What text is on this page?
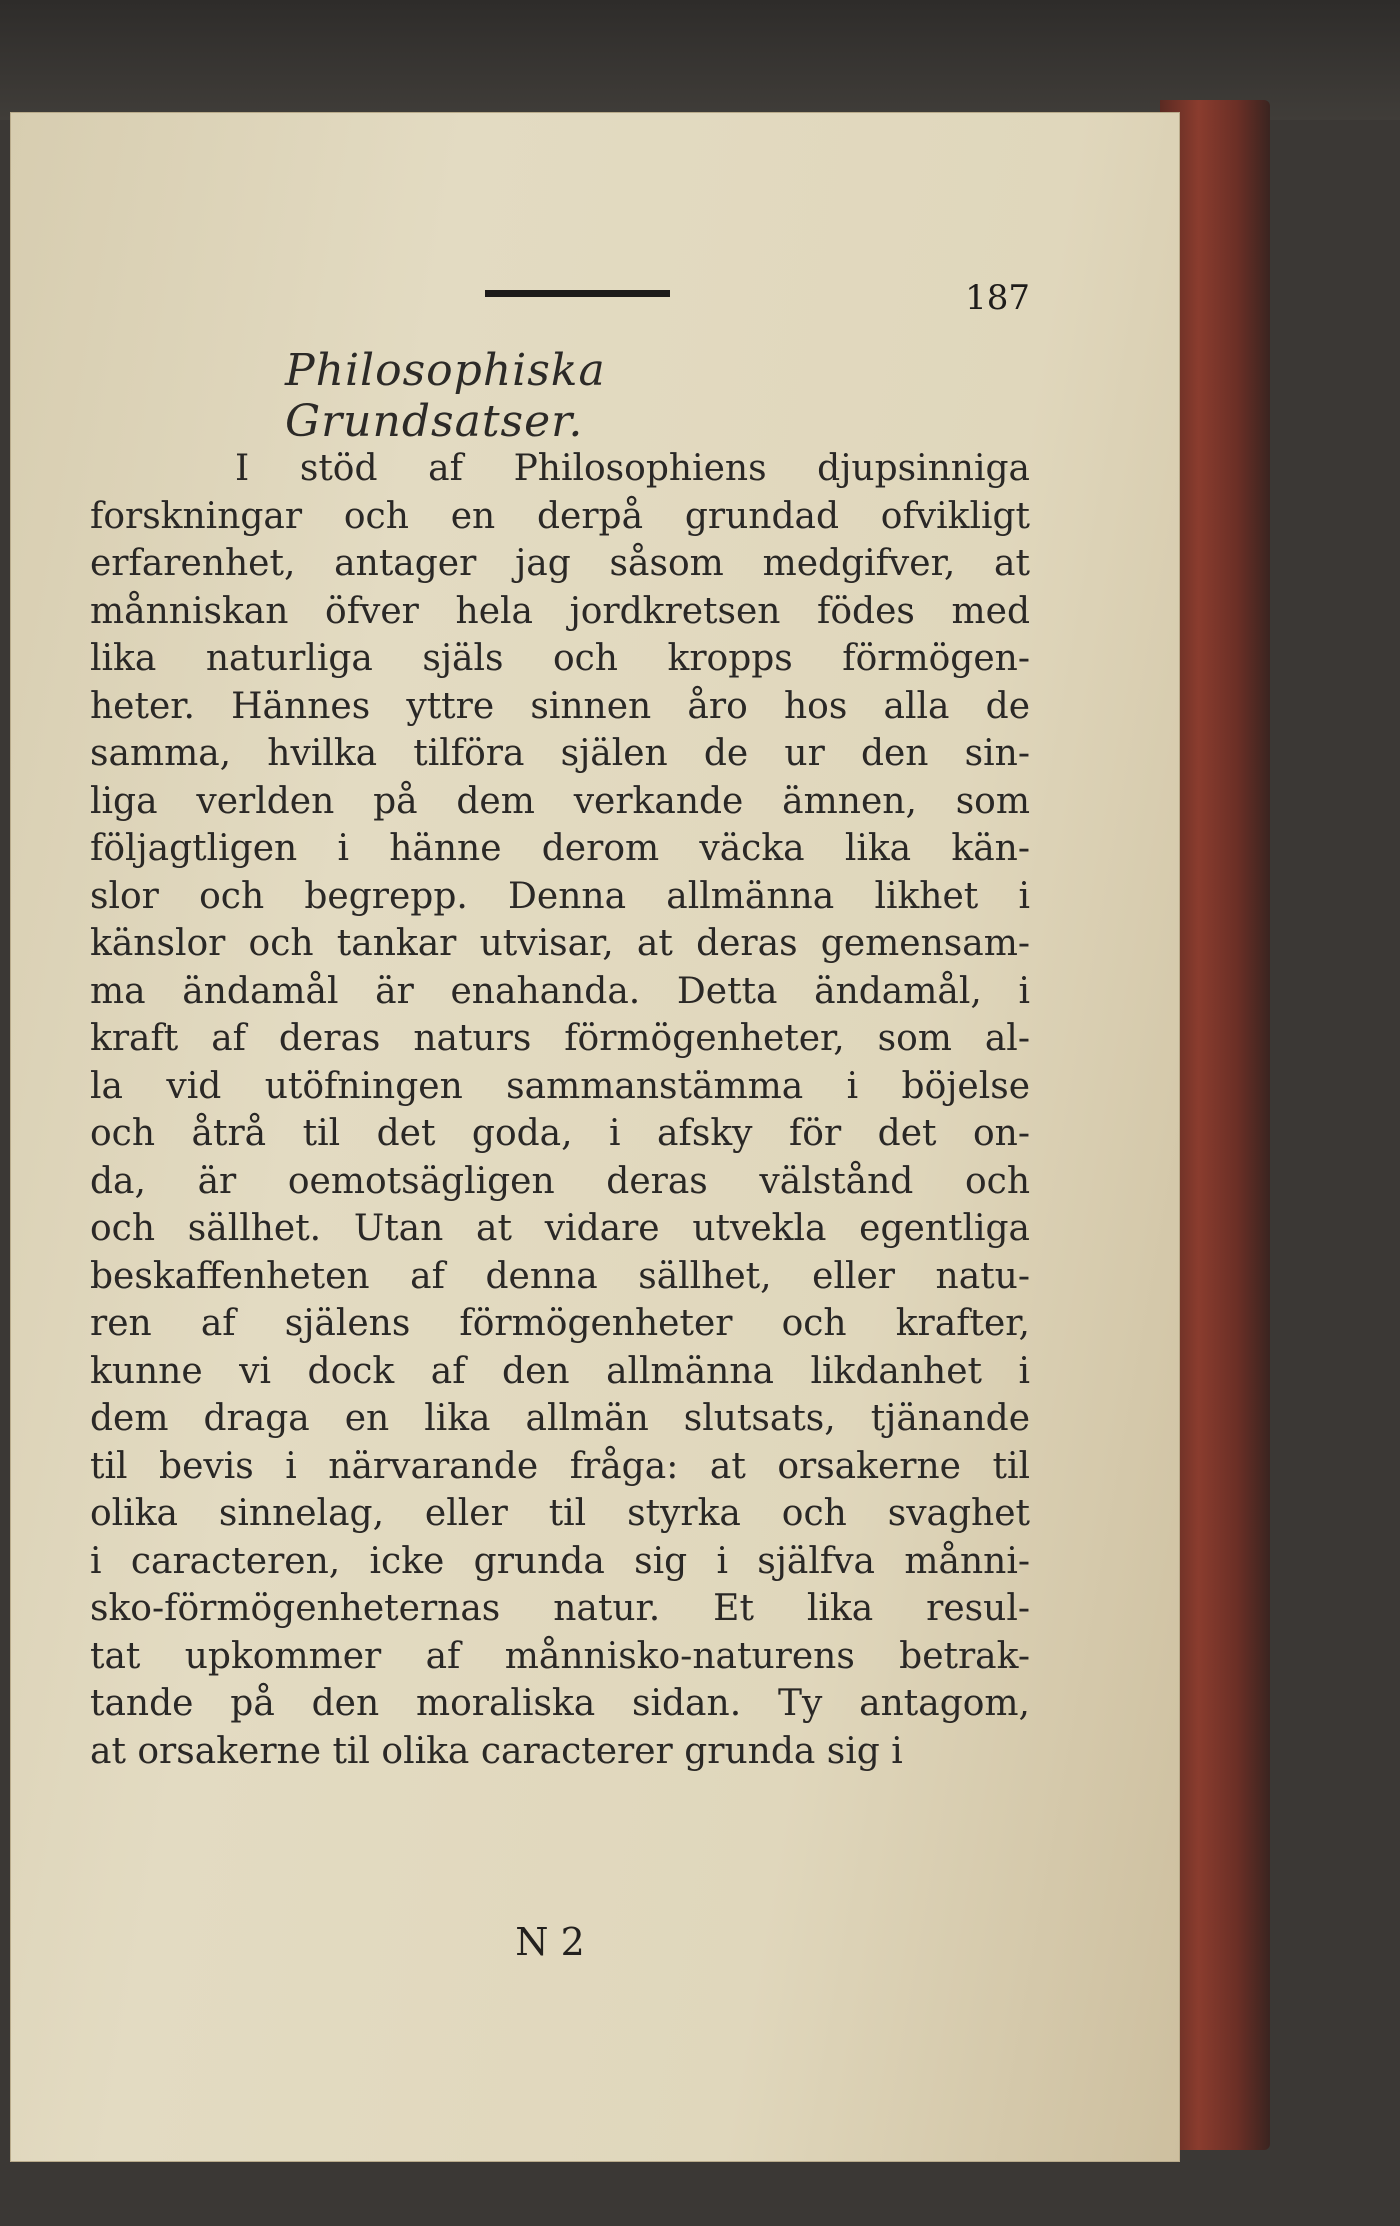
187
Philosophiska Grundsatser.
I stöd af Philosophiens djupsinniga
forskningar och en derpå grundad ofvikligt
erfarenhet, antager jag såsom medgifver, at
månniskan öfver hela jordkretsen födes med
lika naturliga själs och kropps förmögen-
heter. Hännes yttre sinnen åro hos alla de
samma, hvilka tilföra själen de ur den sin-
liga verlden på dem verkande ämnen, som
följagtligen i hänne derom väcka lika kän-
slor och begrepp. Denna allmänna likhet i
känslor och tankar utvisar, at deras gemensam-
ma ändamål är enahanda. Detta ändamål, i
kraft af deras naturs förmögenheter, som al-
la vid utöfningen sammanstämma i böjelse
och åtrå til det goda, i afsky för det on-
da, är oemotsägligen deras välstånd och
och sällhet. Utan at vidare utvekla egentliga
beskaffenheten af denna sällhet, eller natu-
ren af själens förmögenheter och krafter,
kunne vi dock af den allmänna likdanhet i
dem draga en lika allmän slutsats, tjänande
til bevis i närvarande fråga: at orsakerne til
olika sinnelag, eller til styrka och svaghet
i caracteren, icke grunda sig i själfva månni-
sko-förmögenheternas natur. Et lika resul-
tat upkommer af månnisko-naturens betrak-
tande på den moraliska sidan. Ty antagom,
at orsakerne til olika caracterer grunda sig i
N 2
